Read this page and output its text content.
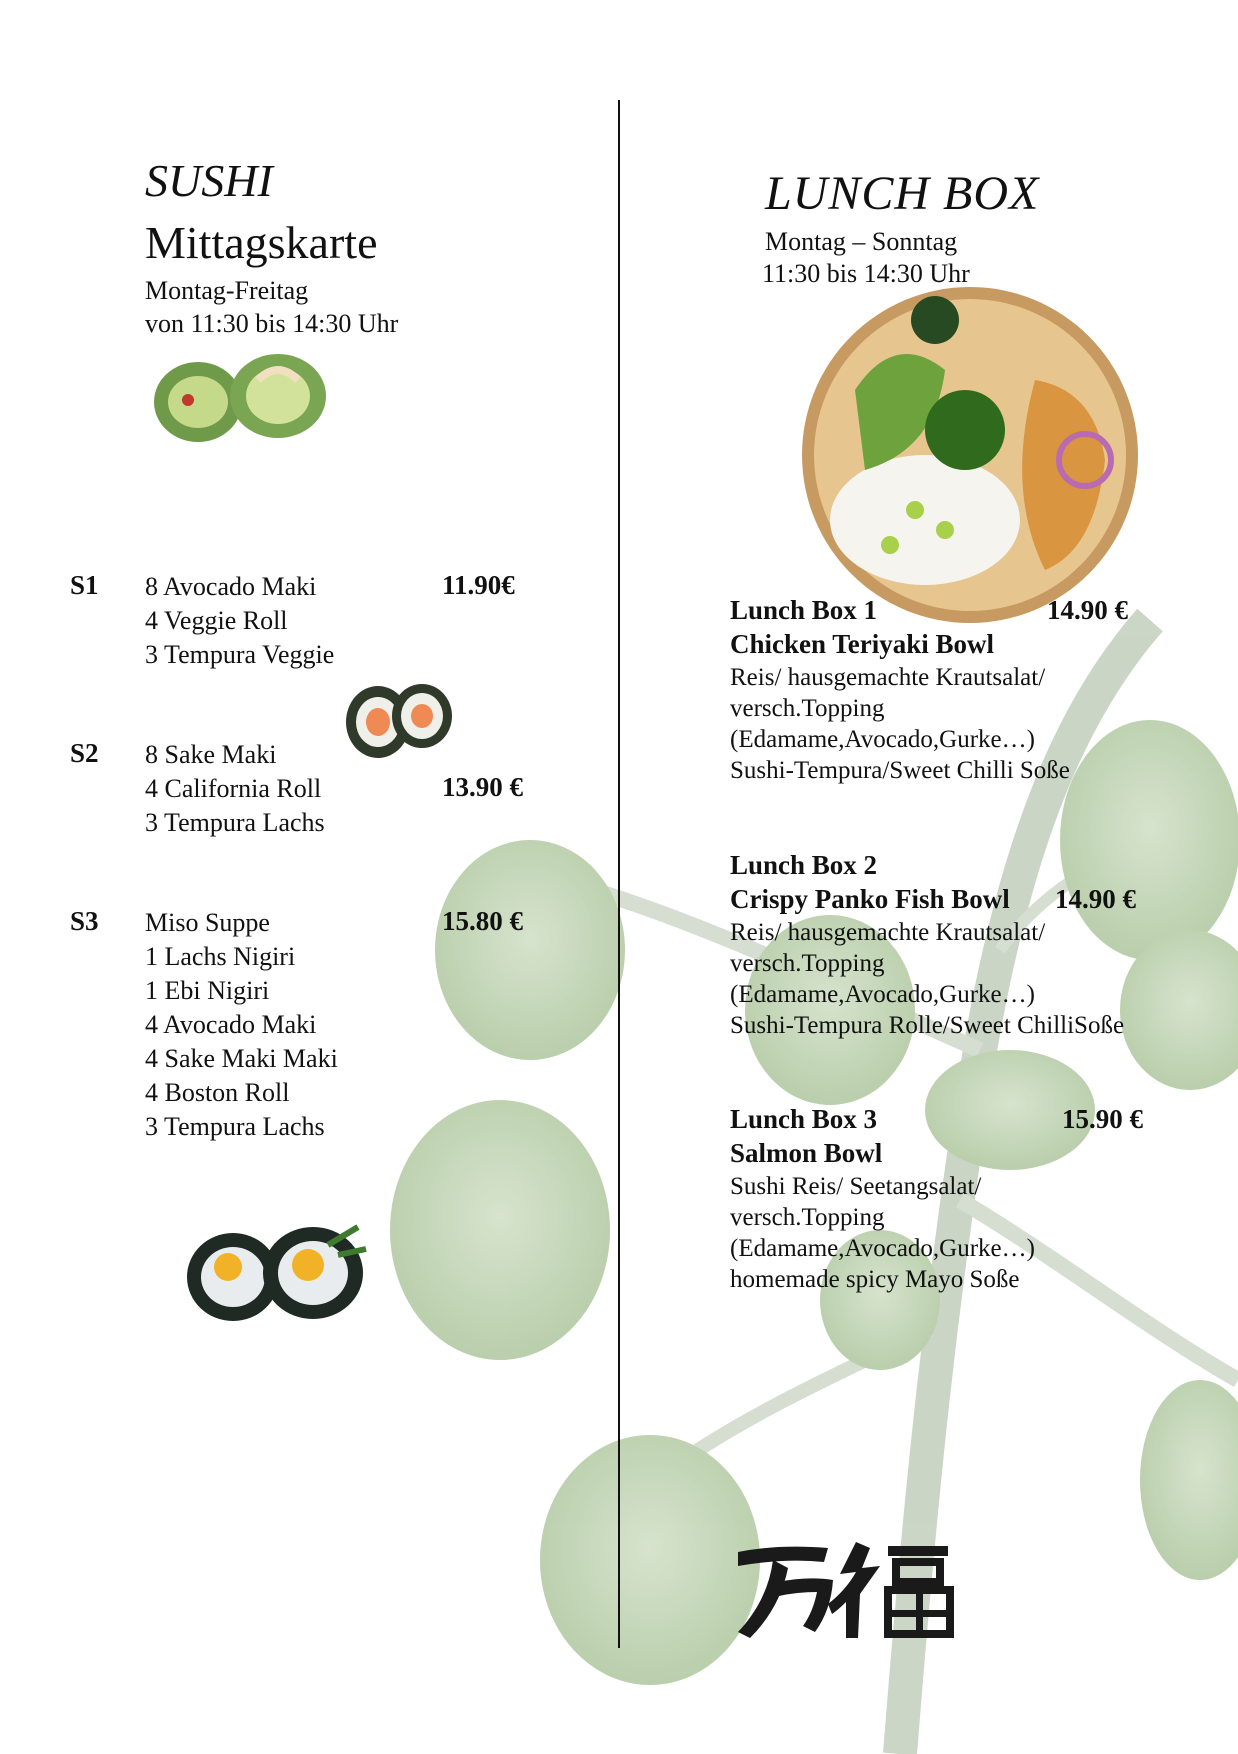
SUSHI
Mittagskarte
Montag-Freitag
von 11:30 bis 14:30 Uhr
S1 8 Avocado Maki
4 Veggie Roll
3 Tempura Veggie
11.90€
S2 8 Sake Maki
4 California Roll
3 Tempura Lachs
13.90 €
S3 Miso Suppe
1 Lachs Nigiri
1 Ebi Nigiri
4 Avocado Maki
4 Sake Maki Maki
4 Boston Roll
3 Tempura Lachs
15.80 €
LUNCH BOX
Montag – Sonntag
11:30 bis 14:30 Uhr
Lunch Box 1	14.90 €
Chicken Teriyaki Bowl
Reis/ hausgemachte Krautsalat/
versch.Topping
(Edamame,Avocado,Gurke…)
Sushi-Tempura/Sweet Chilli Soße
Lunch Box 2
Crispy Panko Fish Bowl 14.90 €
Reis/ hausgemachte Krautsalat/
versch.Topping
(Edamame,Avocado,Gurke…)
Sushi-Tempura Rolle/Sweet ChilliSoße
Lunch Box 3	15.90 €
Salmon Bowl
Sushi Reis/ Seetangsalat/
versch.Topping
(Edamame,Avocado,Gurke…)
homemade spicy Mayo Soße
